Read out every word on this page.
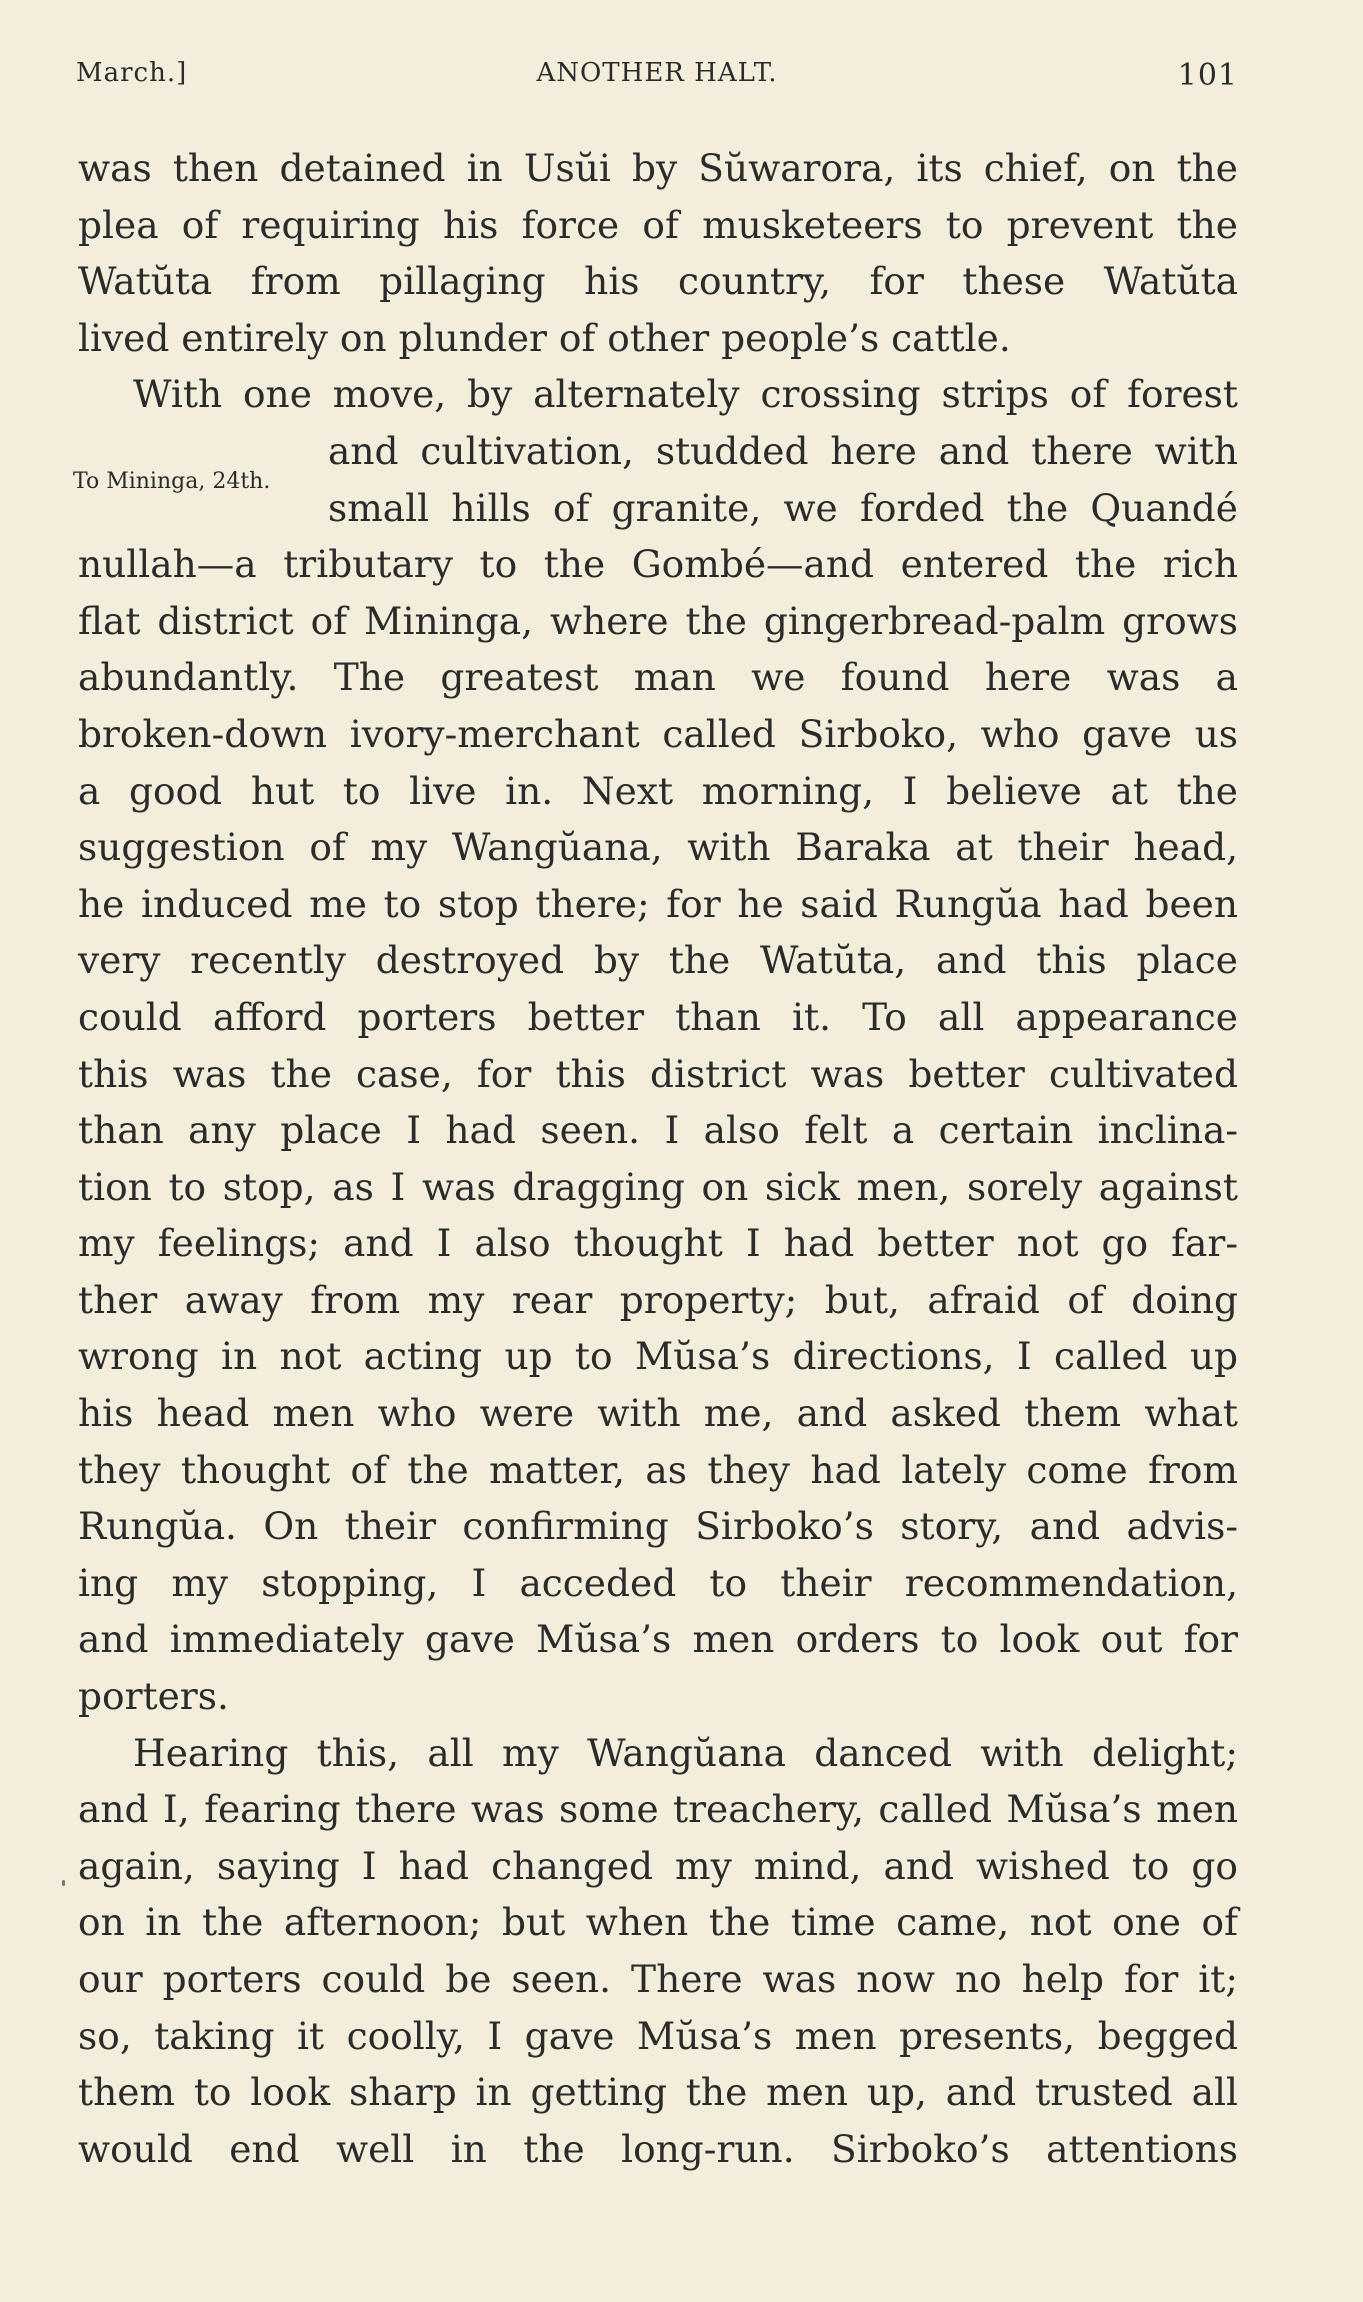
March.]	ANOTHER HALT.	101
was then detained in Usŭi by Sŭwarora, its chief, on the
plea of requiring his force of musketeers to prevent the
Watŭta from pillaging his country, for these Watŭta
lived entirely on plunder of other people’s cattle.
With one move, by alternately crossing strips of forest
and cultivation, studded here and there with
To Mininga, 24th.
small hills of granite, we forded the Quandé
nullah—a tributary to the Gombé—and entered the rich
flat district of Mininga, where the gingerbread-palm grows
abundantly. The greatest man we found here was a
broken-down ivory-merchant called Sirboko, who gave us
a good hut to live in. Next morning, I believe at the
suggestion of my Wangŭana, with Baraka at their head,
he induced me to stop there; for he said Rungŭa had been
very recently destroyed by the Watŭta, and this place
could afford porters better than it. To all appearance
this was the case, for this district was better cultivated
than any place I had seen. I also felt a certain inclina-
tion to stop, as I was dragging on sick men, sorely against
my feelings; and I also thought I had better not go far-
ther away from my rear property; but, afraid of doing
wrong in not acting up to Mŭsa’s directions, I called up
his head men who were with me, and asked them what
they thought of the matter, as they had lately come from
Rungŭa. On their confirming Sirboko’s story, and advis-
ing my stopping, I acceded to their recommendation,
and immediately gave Mŭsa’s men orders to look out for
porters.
Hearing this, all my Wangŭana danced with delight;
and I, fearing there was some treachery, called Mŭsa’s men
again, saying I had changed my mind, and wished to go
on in the afternoon; but when the time came, not one of
our porters could be seen. There was now no help for it;
so, taking it coolly, I gave Mŭsa’s men presents, begged
them to look sharp in getting the men up, and trusted all
would end well in the long-run. Sirboko’s attentions
